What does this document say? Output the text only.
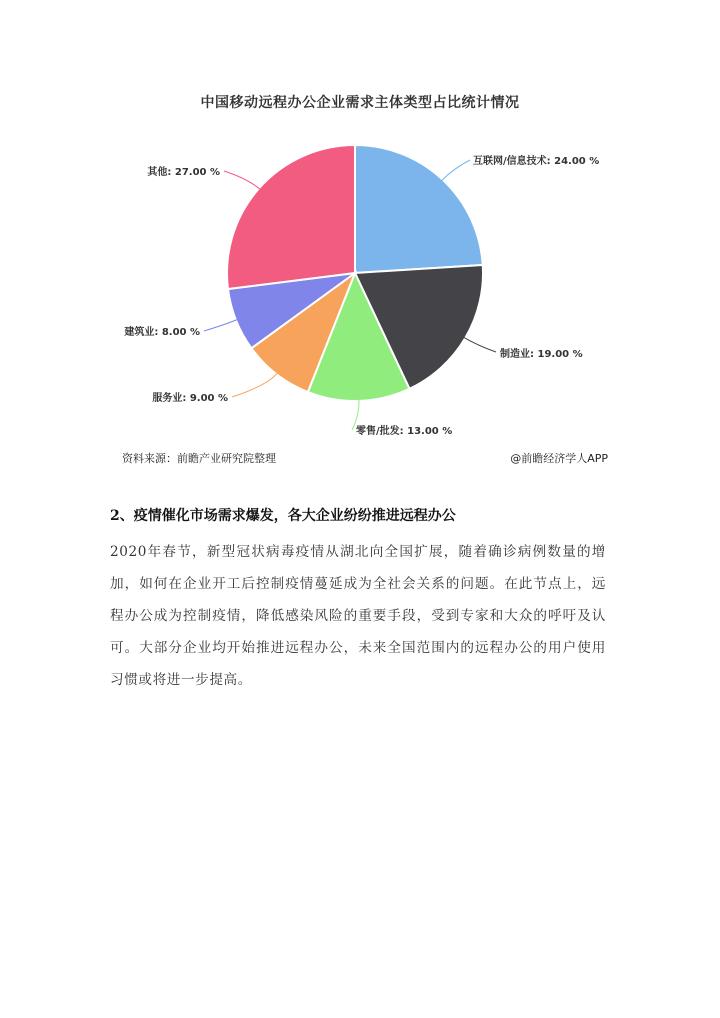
互联网/信息技术: 24.00 %
制造业: 19.00 %
零售/批发: 13.00 %
服务业: 9.00 %
建筑业: 8.00 %
其他: 27.00 %
中国移动远程办公企业需求主体类型占比统计情况
资料来源：前瞻产业研究院整理	@前瞻经济学人APP
2、疫情催化市场需求爆发，各大企业纷纷推进远程办公
2020年春节，新型冠状病毒疫情从湖北向全国扩展，随着确诊病例数量的增加，如何在企业开工后控制疫情蔓延成为全社会关系的问题。在此节点上，远程办公成为控制疫情，降低感染风险的重要手段，受到专家和大众的呼吁及认可。大部分企业均开始推进远程办公，未来全国范围内的远程办公的用户使用习惯或将进一步提高。
